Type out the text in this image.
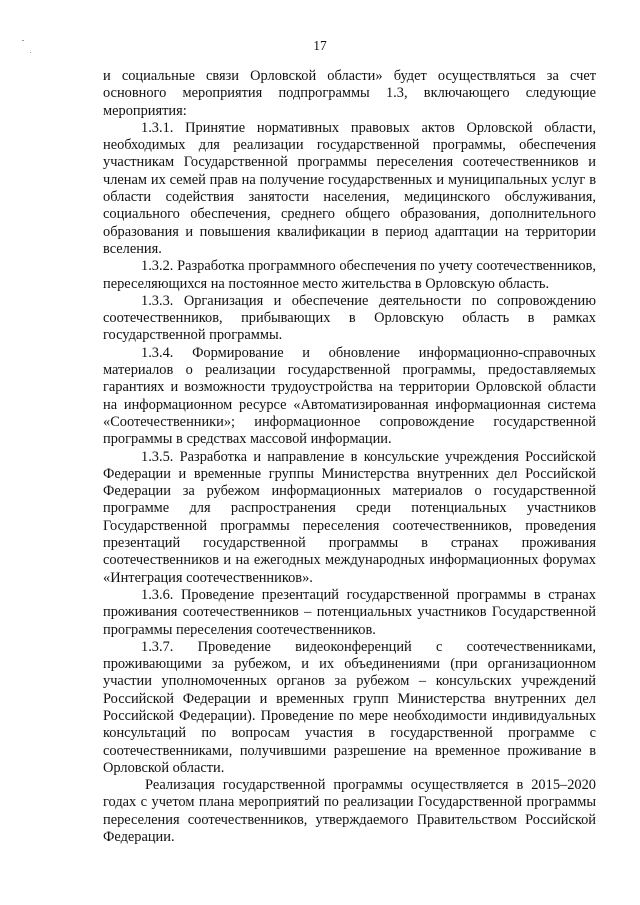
17

и социальные связи Орловской области» будет осуществляться за счет основного мероприятия подпрограммы 1.3, включающего следующие мероприятия:

1.3.1. Принятие нормативных правовых актов Орловской области, необходимых для реализации государственной программы, обеспечения участникам Государственной программы переселения соотечественников и членам их семей прав на получение государственных и муниципальных услуг в области содействия занятости населения, медицинского обслуживания, социального обеспечения, среднего общего образования, дополнительного образования и повышения квалификации в период адаптации на территории вселения.

1.3.2. Разработка программного обеспечения по учету соотечественников, переселяющихся на постоянное место жительства в Орловскую область.

1.3.3. Организация и обеспечение деятельности по сопровождению соотечественников, прибывающих в Орловскую область в рамках государственной программы.

1.3.4. Формирование и обновление информационно-справочных материалов о реализации государственной программы, предоставляемых гарантиях и возможности трудоустройства на территории Орловской области на информационном ресурсе «Автоматизированная информационная система «Соотечественники»; информационное сопровождение государственной программы в средствах массовой информации.

1.3.5. Разработка и направление в консульские учреждения Российской Федерации и временные группы Министерства внутренних дел Российской Федерации за рубежом информационных материалов о государственной программе для распространения среди потенциальных участников Государственной программы переселения соотечественников, проведения презентаций государственной программы в странах проживания соотечественников и на ежегодных международных информационных форумах «Интеграция соотечественников».

1.3.6. Проведение презентаций государственной программы в странах проживания соотечественников – потенциальных участников Государственной программы переселения соотечественников.

1.3.7. Проведение видеоконференций с соотечественниками, проживающими за рубежом, и их объединениями (при организационном участии уполномоченных органов за рубежом – консульских учреждений Российской Федерации и временных групп Министерства внутренних дел Российской Федерации). Проведение по мере необходимости индивидуальных консультаций по вопросам участия в государственной программе с соотечественниками, получившими разрешение на временное проживание в Орловской области.

Реализация государственной программы осуществляется в 2015–2020 годах с учетом плана мероприятий по реализации Государственной программы переселения соотечественников, утверждаемого Правительством Российской Федерации.
